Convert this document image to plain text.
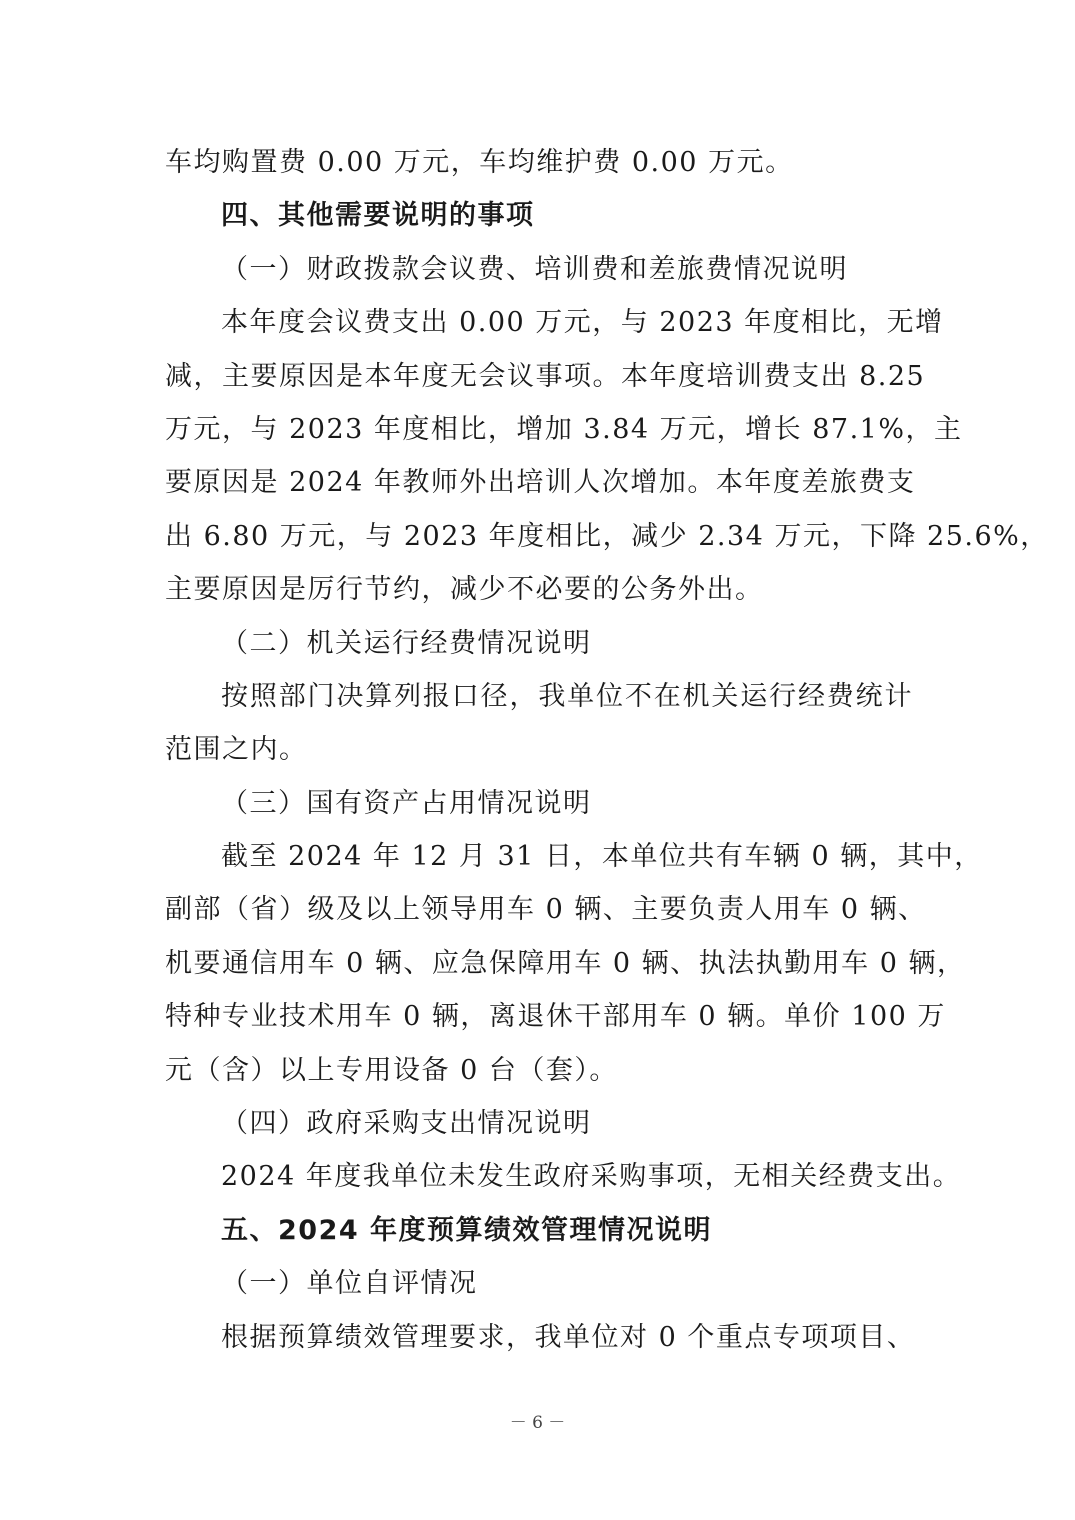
车均购置费 0.00 万元，车均维护费 0.00 万元。
四、其他需要说明的事项
（一）财政拨款会议费、培训费和差旅费情况说明
本年度会议费支出 0.00 万元，与 2023 年度相比，无增
减，主要原因是本年度无会议事项。本年度培训费支出 8.25
万元，与 2023 年度相比，增加 3.84 万元，增长 87.1%，主
要原因是 2024 年教师外出培训人次增加。本年度差旅费支
出 6.80 万元，与 2023 年度相比，减少 2.34 万元，下降 25.6%，
主要原因是厉行节约，减少不必要的公务外出。
（二）机关运行经费情况说明
按照部门决算列报口径，我单位不在机关运行经费统计
范围之内。
（三）国有资产占用情况说明
截至 2024 年 12 月 31 日，本单位共有车辆 0 辆，其中，
副部（省）级及以上领导用车 0 辆、主要负责人用车 0 辆、
机要通信用车 0 辆、应急保障用车 0 辆、执法执勤用车 0 辆，
特种专业技术用车 0 辆，离退休干部用车 0 辆。单价 100 万
元（含）以上专用设备 0 台（套）。
（四）政府采购支出情况说明
2024 年度我单位未发生政府采购事项，无相关经费支出。
五、2024 年度预算绩效管理情况说明
（一）单位自评情况
根据预算绩效管理要求，我单位对 0 个重点专项项目、
－ 6 －
